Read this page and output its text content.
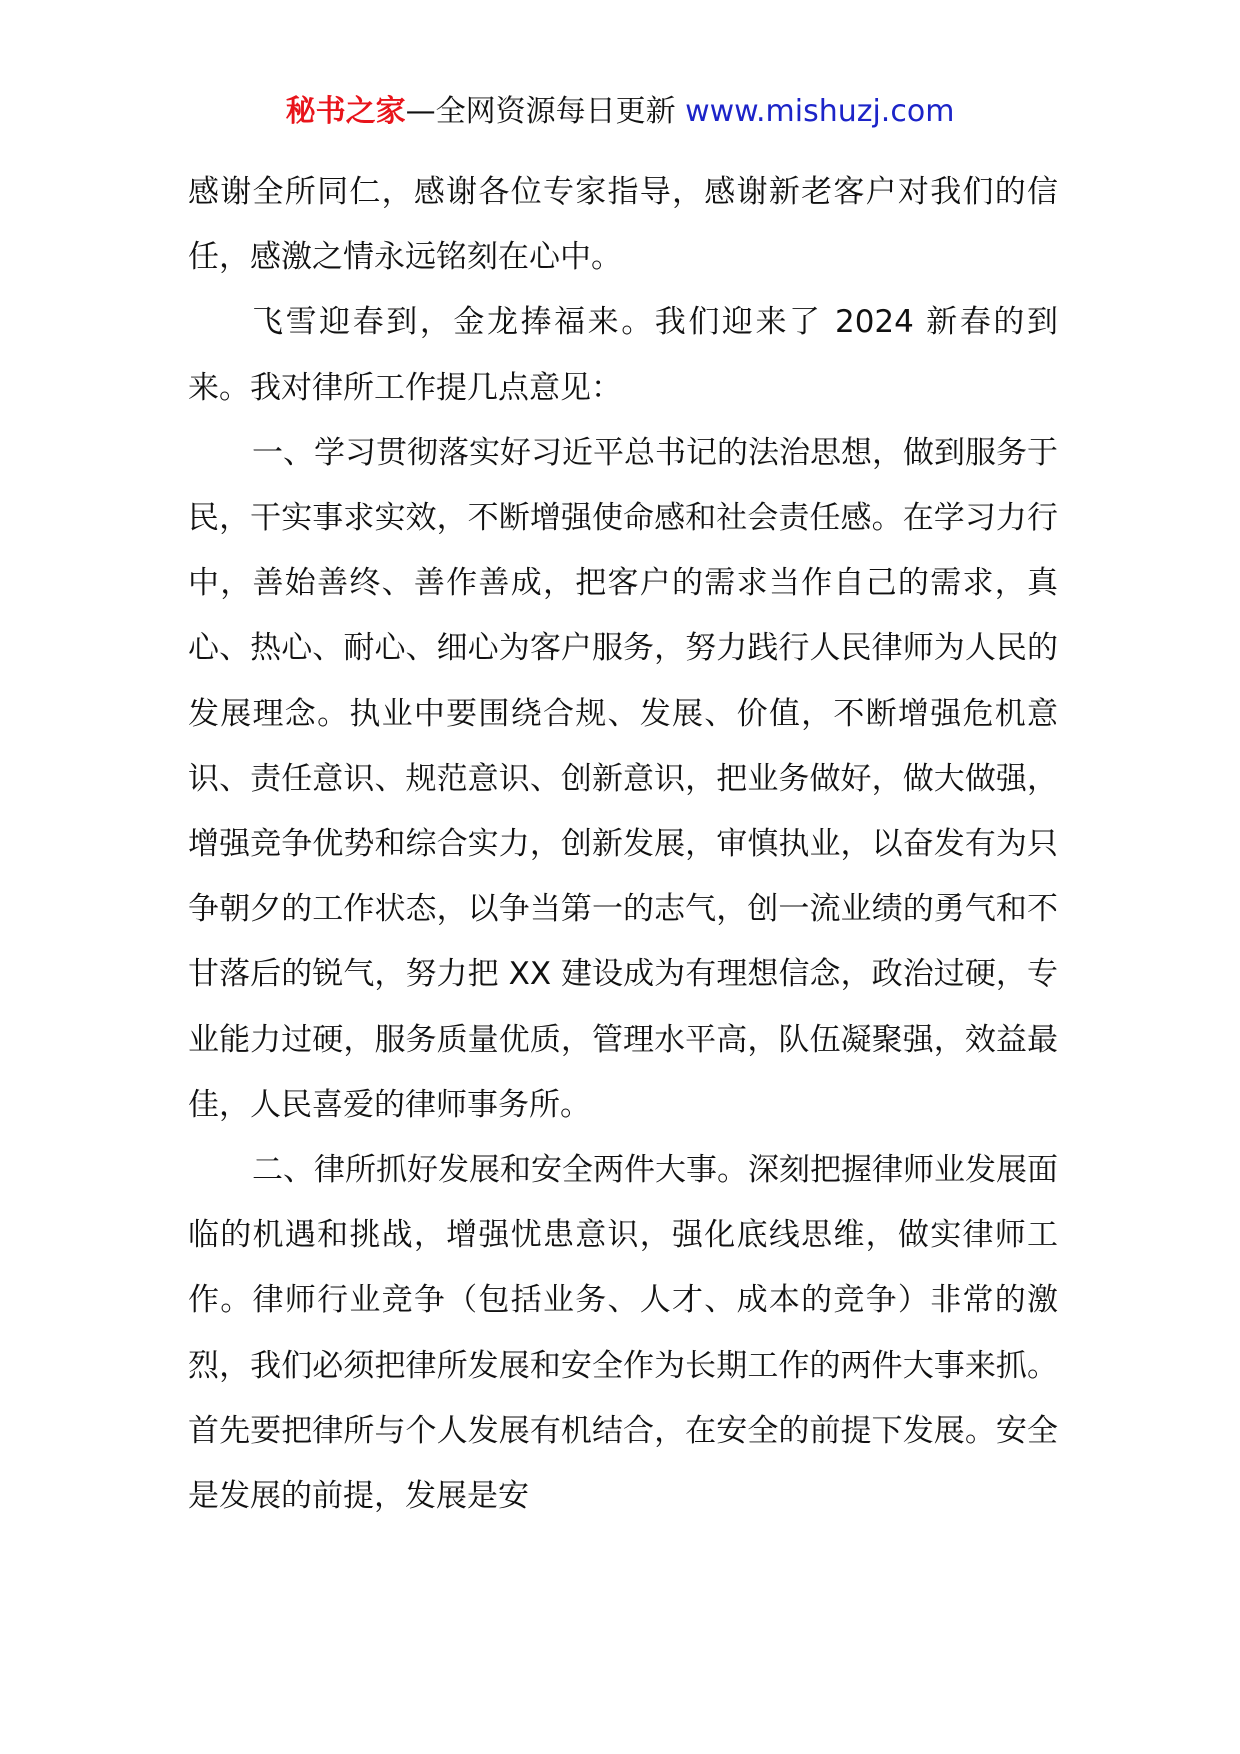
秘书之家—全网资源每日更新 www.mishuzj.com

感谢全所同仁，感谢各位专家指导，感谢新老客户对我们的信任，感激之情永远铭刻在心中。

飞雪迎春到，金龙捧福来。我们迎来了 2024 新春的到来。我对律所工作提几点意见：

一、学习贯彻落实好习近平总书记的法治思想，做到服务于民，干实事求实效，不断增强使命感和社会责任感。在学习力行中，善始善终、善作善成，把客户的需求当作自己的需求，真心、热心、耐心、细心为客户服务，努力践行人民律师为人民的发展理念。执业中要围绕合规、发展、价值，不断增强危机意识、责任意识、规范意识、创新意识，把业务做好，做大做强，增强竞争优势和综合实力，创新发展，审慎执业，以奋发有为只争朝夕的工作状态，以争当第一的志气，创一流业绩的勇气和不甘落后的锐气，努力把 XX 建设成为有理想信念，政治过硬，专业能力过硬，服务质量优质，管理水平高，队伍凝聚强，效益最佳，人民喜爱的律师事务所。

二、律所抓好发展和安全两件大事。深刻把握律师业发展面临的机遇和挑战，增强忧患意识，强化底线思维，做实律师工作。律师行业竞争（包括业务、人才、成本的竞争）非常的激烈，我们必须把律所发展和安全作为长期工作的两件大事来抓。首先要把律所与个人发展有机结合，在安全的前提下发展。安全是发展的前提，发展是安
